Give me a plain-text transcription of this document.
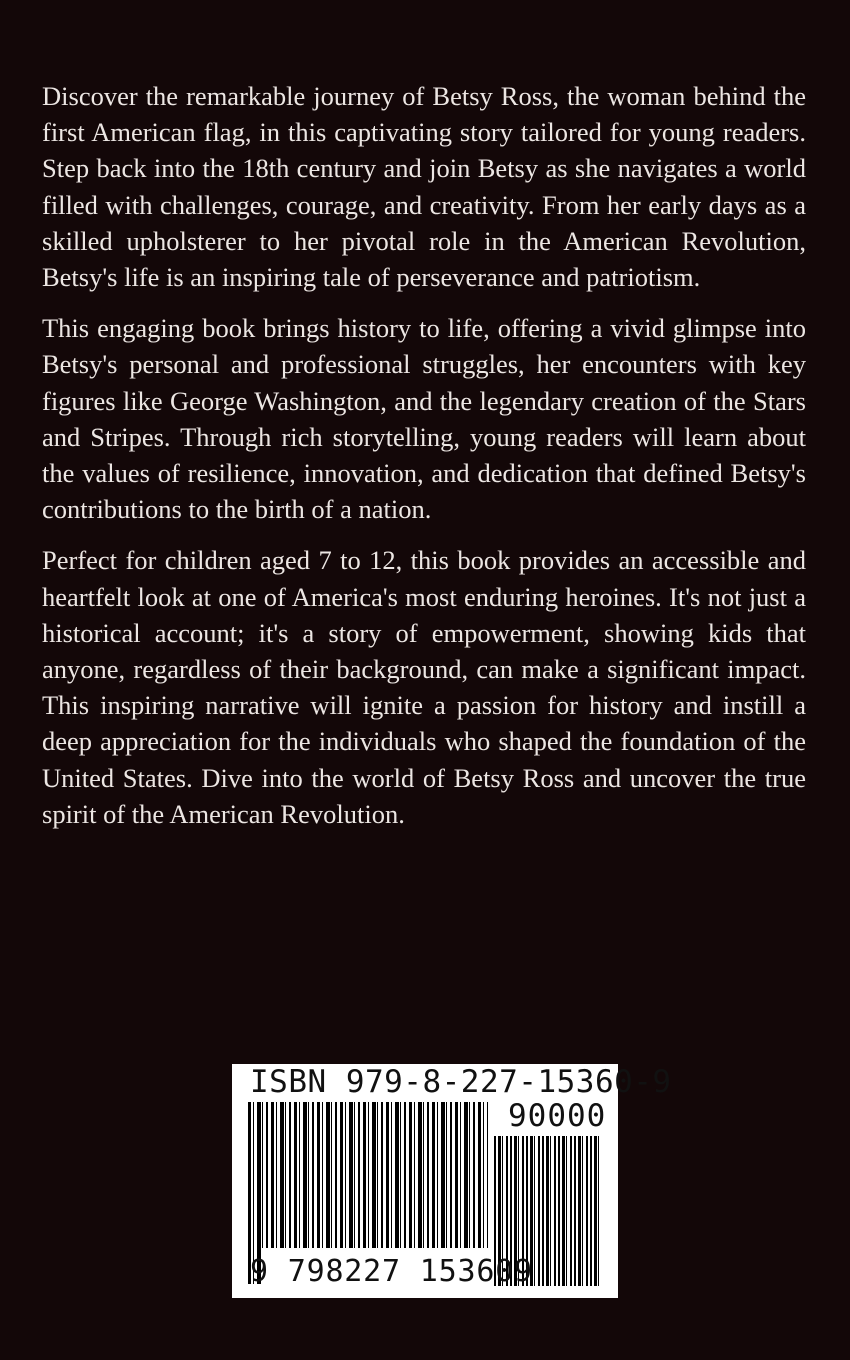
Discover the remarkable journey of Betsy Ross, the woman behind the first American flag, in this captivating story tailored for young readers. Step back into the 18th century and join Betsy as she navigates a world filled with challenges, courage, and creativity. From her early days as a skilled upholsterer to her pivotal role in the American Revolution, Betsy's life is an inspiring tale of perseverance and patriotism.

This engaging book brings history to life, offering a vivid glimpse into Betsy's personal and professional struggles, her encounters with key figures like George Washington, and the legendary creation of the Stars and Stripes. Through rich storytelling, young readers will learn about the values of resilience, innovation, and dedication that defined Betsy's contributions to the birth of a nation.

Perfect for children aged 7 to 12, this book provides an accessible and heartfelt look at one of America's most enduring heroines. It's not just a historical account; it's a story of empowerment, showing kids that anyone, regardless of their background, can make a significant impact. This inspiring narrative will ignite a passion for history and instill a deep appreciation for the individuals who shaped the foundation of the United States. Dive into the world of Betsy Ross and uncover the true spirit of the American Revolution.

ISBN 979-8-227-15360-9
90000
9 798227 153609
